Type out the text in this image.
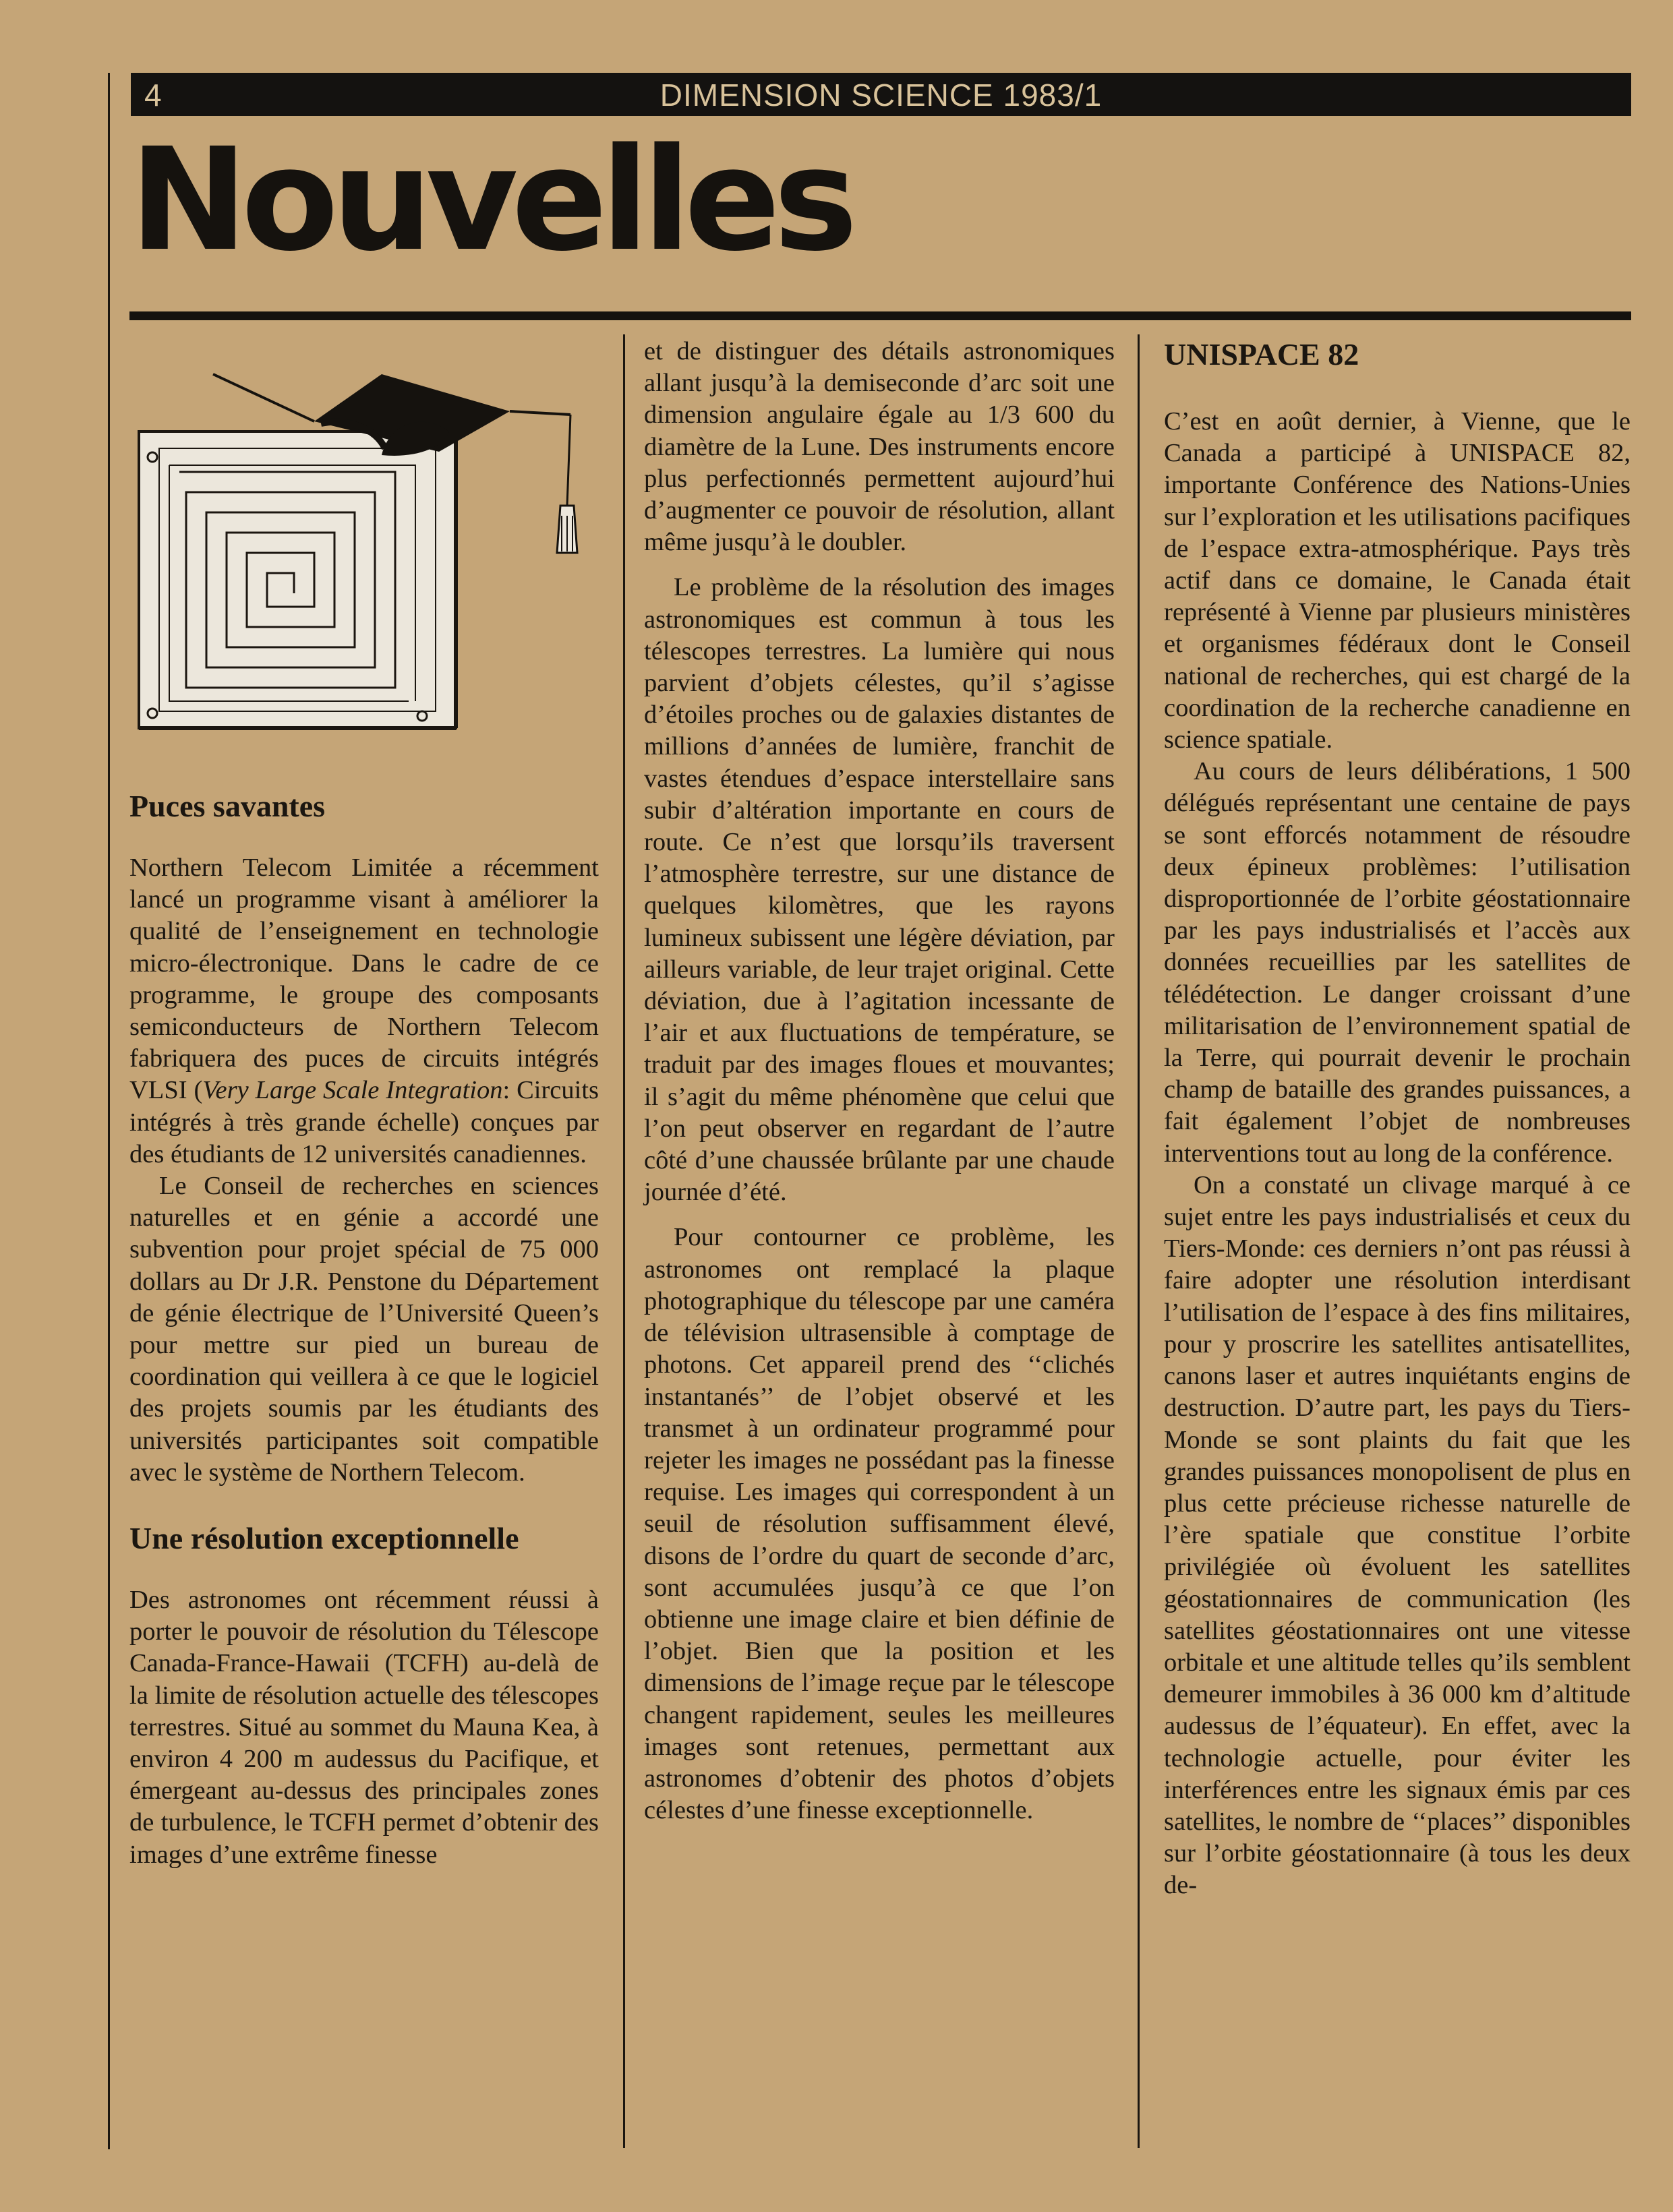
4	DIMENSION SCIENCE 1983/1
Nouvelles
Puces savantes

Northern Telecom Limitée a récemment lancé un programme visant à améliorer la qualité de l’enseignement en technologie micro-électronique. Dans le cadre de ce programme, le groupe des composants semiconducteurs de Northern Telecom fabriquera des puces de circuits intégrés VLSI (Very Large Scale Integration: Circuits intégrés à très grande échelle) conçues par des étudiants de 12 universités canadiennes.

Le Conseil de recherches en sciences naturelles et en génie a accordé une subvention pour projet spécial de 75 000 dollars au Dr J.R. Penstone du Département de génie électrique de l’Université Queen’s pour mettre sur pied un bureau de coordination qui veillera à ce que le logiciel des projets soumis par les étudiants des universités participantes soit compatible avec le système de Northern Telecom.

Une résolution exceptionnelle

Des astronomes ont récemment réussi à porter le pouvoir de résolution du Télescope Canada-France-Hawaii (TCFH) au-delà de la limite de résolution actuelle des télescopes terrestres. Situé au sommet du Mauna Kea, à environ 4 200 m audessus du Pacifique, et émergeant au-dessus des principales zones de turbulence, le TCFH permet d’obtenir des images d’une extrême finesse

et de distinguer des détails astronomiques allant jusqu’à la demiseconde d’arc soit une dimension angulaire égale au 1/3 600 du diamètre de la Lune. Des instruments encore plus perfectionnés permettent aujourd’hui d’augmenter ce pouvoir de résolution, allant même jusqu’à le doubler.

Le problème de la résolution des images astronomiques est commun à tous les télescopes terrestres. La lumière qui nous parvient d’objets célestes, qu’il s’agisse d’étoiles proches ou de galaxies distantes de millions d’années de lumière, franchit de vastes étendues d’espace interstellaire sans subir d’altération importante en cours de route. Ce n’est que lorsqu’ils traversent l’atmosphère terrestre, sur une distance de quelques kilomètres, que les rayons lumineux subissent une légère déviation, par ailleurs variable, de leur trajet original. Cette déviation, due à l’agitation incessante de l’air et aux fluctuations de température, se traduit par des images floues et mouvantes; il s’agit du même phénomène que celui que l’on peut observer en regardant de l’autre côté d’une chaussée brûlante par une chaude journée d’été.

Pour contourner ce problème, les astronomes ont remplacé la plaque photographique du télescope par une caméra de télévision ultrasensible à comptage de photons. Cet appareil prend des ‘‘clichés instantanés’’ de l’objet observé et les transmet à un ordinateur programmé pour rejeter les images ne possédant pas la finesse requise. Les images qui correspondent à un seuil de résolution suffisamment élevé, disons de l’ordre du quart de seconde d’arc, sont accumulées jusqu’à ce que l’on obtienne une image claire et bien définie de l’objet. Bien que la position et les dimensions de l’image reçue par le télescope changent rapidement, seules les meilleures images sont retenues, permettant aux astronomes d’obtenir des photos d’objets célestes d’une finesse exceptionnelle.

UNISPACE 82

C’est en août dernier, à Vienne, que le Canada a participé à UNISPACE 82, importante Conférence des Nations-Unies sur l’exploration et les utilisations pacifiques de l’espace extra-atmosphérique. Pays très actif dans ce domaine, le Canada était représenté à Vienne par plusieurs ministères et organismes fédéraux dont le Conseil national de recherches, qui est chargé de la coordination de la recherche canadienne en science spatiale.

Au cours de leurs délibérations, 1 500 délégués représentant une centaine de pays se sont efforcés notamment de résoudre deux épineux problèmes: l’utilisation disproportionnée de l’orbite géostationnaire par les pays industrialisés et l’accès aux données recueillies par les satellites de télédétection. Le danger croissant d’une militarisation de l’environnement spatial de la Terre, qui pourrait devenir le prochain champ de bataille des grandes puissances, a fait également l’objet de nombreuses interventions tout au long de la conférence.

On a constaté un clivage marqué à ce sujet entre les pays industrialisés et ceux du Tiers-Monde: ces derniers n’ont pas réussi à faire adopter une résolution interdisant l’utilisation de l’espace à des fins militaires, pour y proscrire les satellites antisatellites, canons laser et autres inquiétants engins de destruction. D’autre part, les pays du Tiers-Monde se sont plaints du fait que les grandes puissances monopolisent de plus en plus cette précieuse richesse naturelle de l’ère spatiale que constitue l’orbite privilégiée où évoluent les satellites géostationnaires de communication (les satellites géostationnaires ont une vitesse orbitale et une altitude telles qu’ils semblent demeurer immobiles à 36 000 km d’altitude audessus de l’équateur). En effet, avec la technologie actuelle, pour éviter les interférences entre les signaux émis par ces satellites, le nombre de ‘‘places’’ disponibles sur l’orbite géostationnaire (à tous les deux de-
